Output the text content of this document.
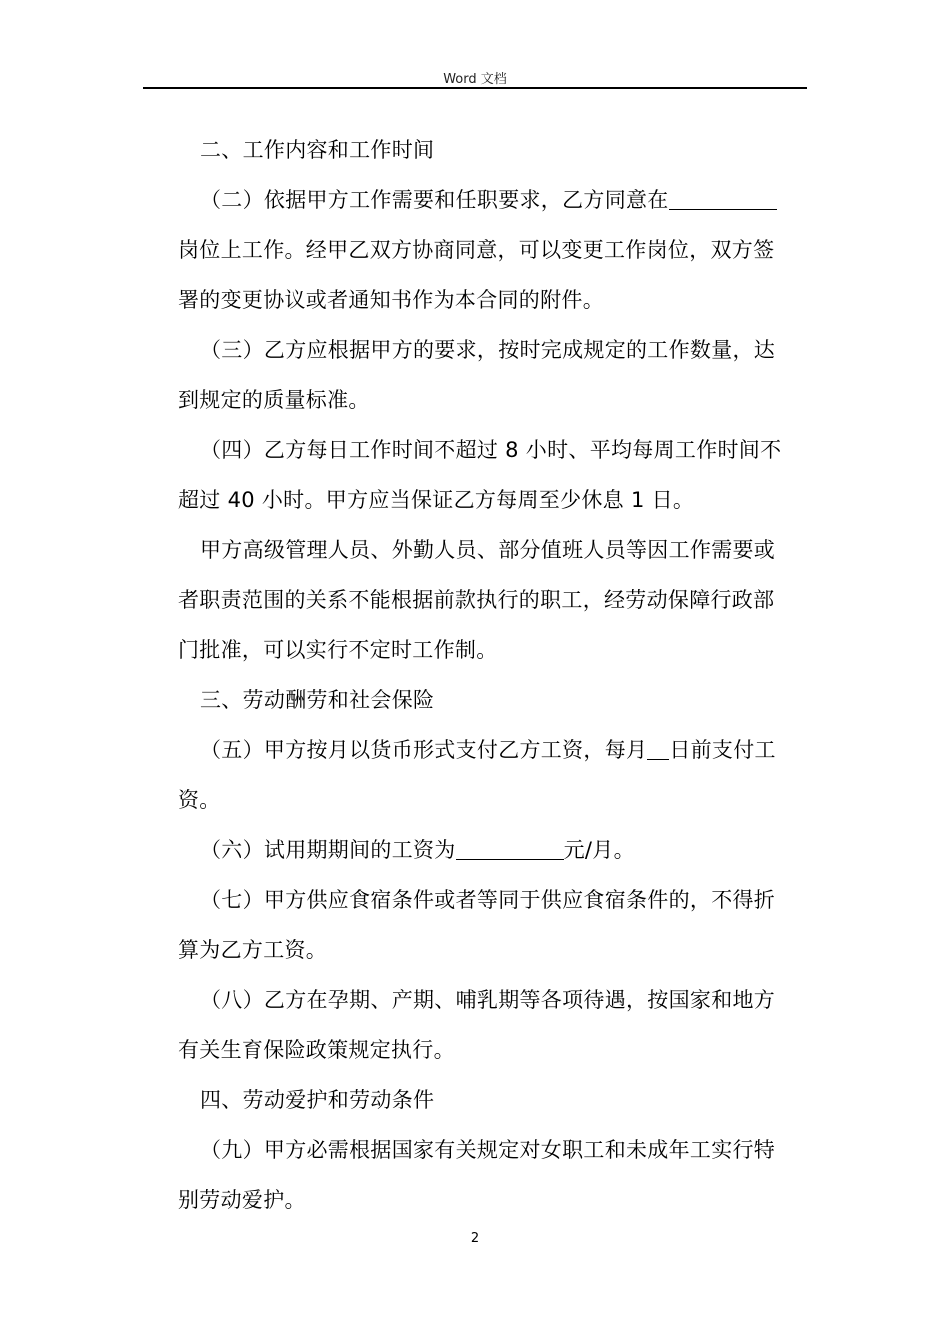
Word 文档
二、工作内容和工作时间
（二）依据甲方工作需要和任职要求，乙方同意在
岗位上工作。经甲乙双方协商同意，可以变更工作岗位，双方签
署的变更协议或者通知书作为本合同的附件。
（三）乙方应根据甲方的要求，按时完成规定的工作数量，达
到规定的质量标准。
（四）乙方每日工作时间不超过 8 小时、平均每周工作时间不
超过 40 小时。甲方应当保证乙方每周至少休息 1 日。
甲方高级管理人员、外勤人员、部分值班人员等因工作需要或
者职责范围的关系不能根据前款执行的职工，经劳动保障行政部
门批准，可以实行不定时工作制。
三、劳动酬劳和社会保险
（五）甲方按月以货币形式支付乙方工资，每月 日前支付工
资。
（六）试用期期间的工资为	元/月。
（七）甲方供应食宿条件或者等同于供应食宿条件的，不得折
算为乙方工资。
（八）乙方在孕期、产期、哺乳期等各项待遇，按国家和地方
有关生育保险政策规定执行。
四、劳动爱护和劳动条件
（九）甲方必需根据国家有关规定对女职工和未成年工实行特
别劳动爱护。
2
